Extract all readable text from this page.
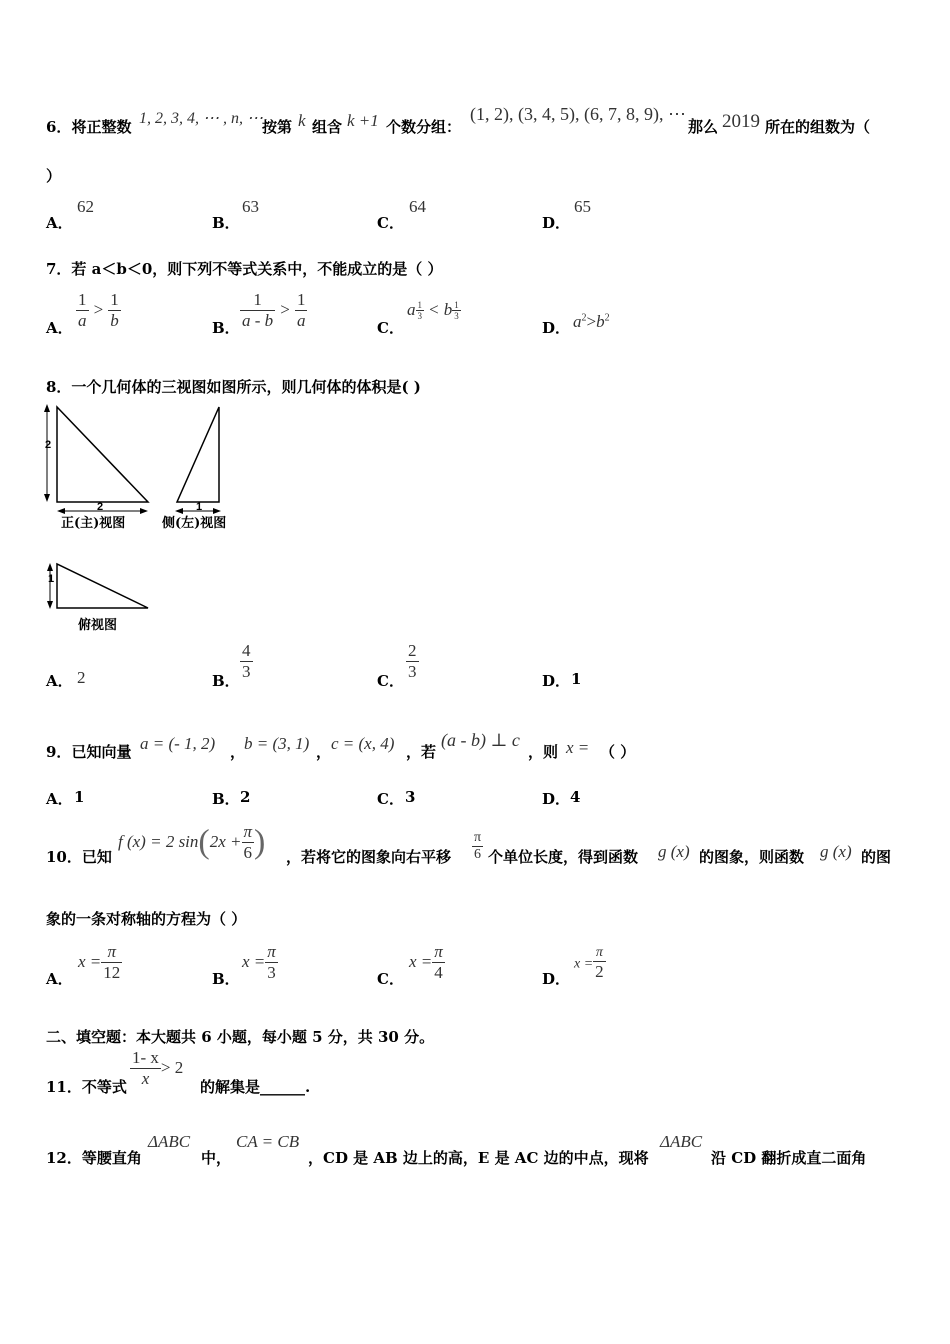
6．将正整数 1, 2, 3, 4, ⋯ , n, ⋯ 按第 k 组含 k +1 个数分组：
(1, 2), (3, 4, 5), (6, 7, 8, 9), ⋯ ,
那么 2019 所在的组数为（
）
A．
62
B．
63
C．
64
D．
65
7．若 a＜b＜0，则下列不等式关系中，不能成立的是（ ）
A． $\frac{1}{a} > \frac{1}{b}$	B． $\frac{1}{a - b} > \frac{1}{a}$	C．
a $\frac{1}{3} < b \frac{1}{3}$
D． $a^2>b^2$
8．一个几何体的三视图如图所示，则几何体的体积是( )
2
2
正(主)视图
1
侧(左)视图
1
俯视图
A． 2	B． $\frac{4}{3}$	C． $\frac{2}{3}$	D． 1
9．已知向量 a = (- 1, 2) ，
b = (3, 1) ， c = (x, 4) ，若
(a - b) ⊥ c
，则 x = （ ）
A． 1	B． 2	C． 3	D． 4
10．已知
f (x) = 2 $\sin(2x + \frac{\pi}{6}$ ) ，若将它的图象向右平移 $\frac{\pi}{6}$ 个单位长度，得到函数 g (x) 的图象，则函数 g (x) 的图
象的一条对称轴的方程为（ ）
A．
$x = \frac{\pi}{12}$	B．
$x = \frac{\pi}{3}$	C．
$x = \frac{\pi}{4}$	D．
$x = \frac{\pi}{2}$
二、填空题：本大题共 6 小题，每小题 5 分，共 30 分。
11．不等式 $\frac{1- x}{x} > 2$
的解集是______.
12．等腰直角
ΔABC
中，
CA = CB
，CD 是 AB 边上的高，E 是 AC 边的中点，现将
ΔABC
沿 CD 翻折成直二面角
